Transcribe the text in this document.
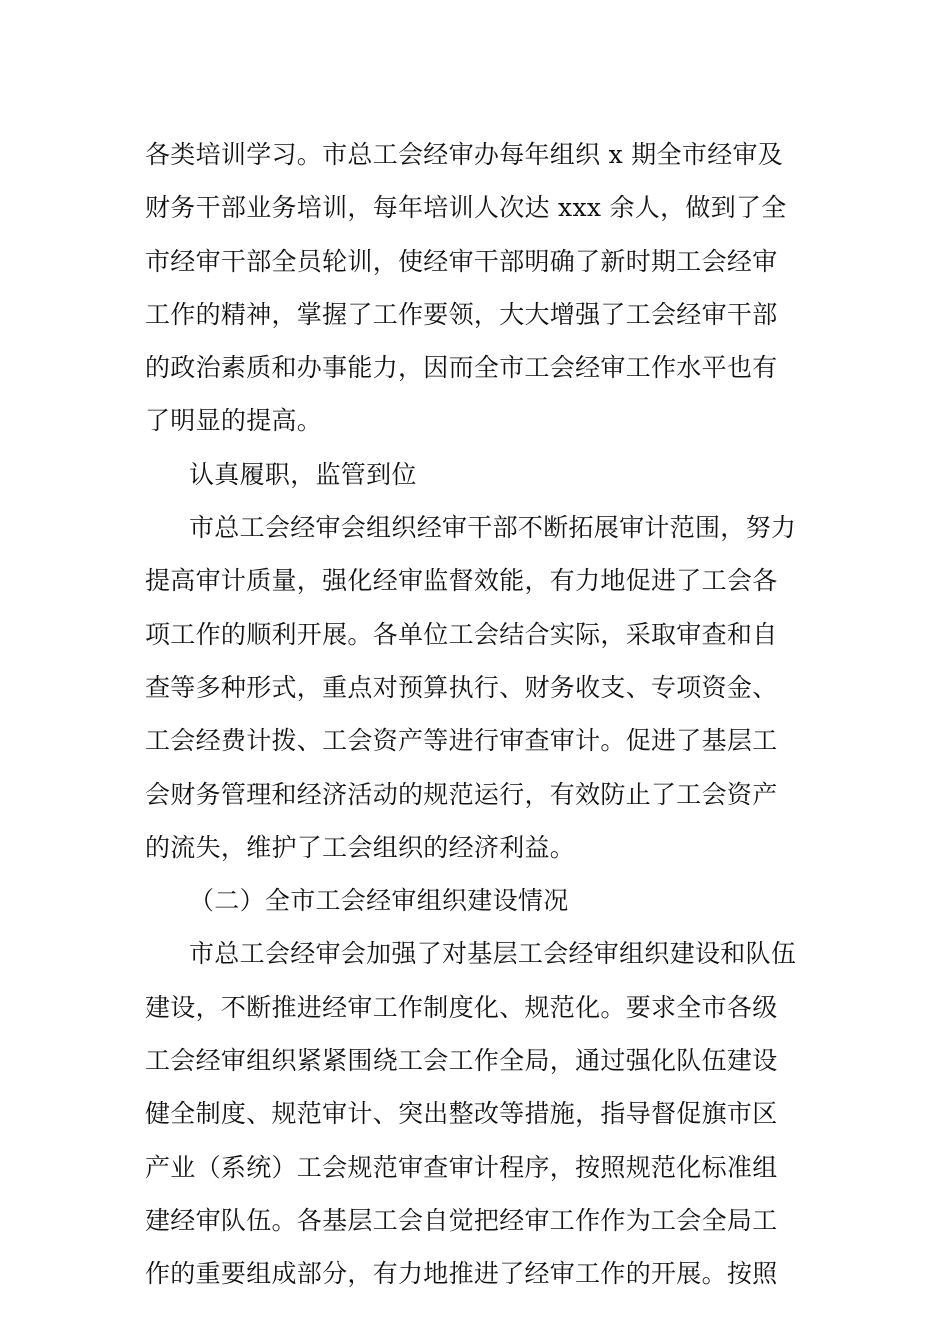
各类培训学习。市总工会经审办每年组织 x 期全市经审及
财务干部业务培训，每年培训人次达 xxx 余人，做到了全
市经审干部全员轮训，使经审干部明确了新时期工会经审
工作的精神，掌握了工作要领，大大增强了工会经审干部
的政治素质和办事能力，因而全市工会经审工作水平也有
了明显的提高。
认真履职，监管到位
市总工会经审会组织经审干部不断拓展审计范围，努力
提高审计质量，强化经审监督效能，有力地促进了工会各
项工作的顺利开展。各单位工会结合实际，采取审查和自
查等多种形式，重点对预算执行、财务收支、专项资金、
工会经费计拨、工会资产等进行审查审计。促进了基层工
会财务管理和经济活动的规范运行，有效防止了工会资产
的流失，维护了工会组织的经济利益。
（二）全市工会经审组织建设情况
市总工会经审会加强了对基层工会经审组织建设和队伍
建设，不断推进经审工作制度化、规范化。要求全市各级
工会经审组织紧紧围绕工会工作全局，通过强化队伍建设
健全制度、规范审计、突出整改等措施，指导督促旗市区
产业（系统）工会规范审查审计程序，按照规范化标准组
建经审队伍。各基层工会自觉把经审工作作为工会全局工
作的重要组成部分，有力地推进了经审工作的开展。按照
